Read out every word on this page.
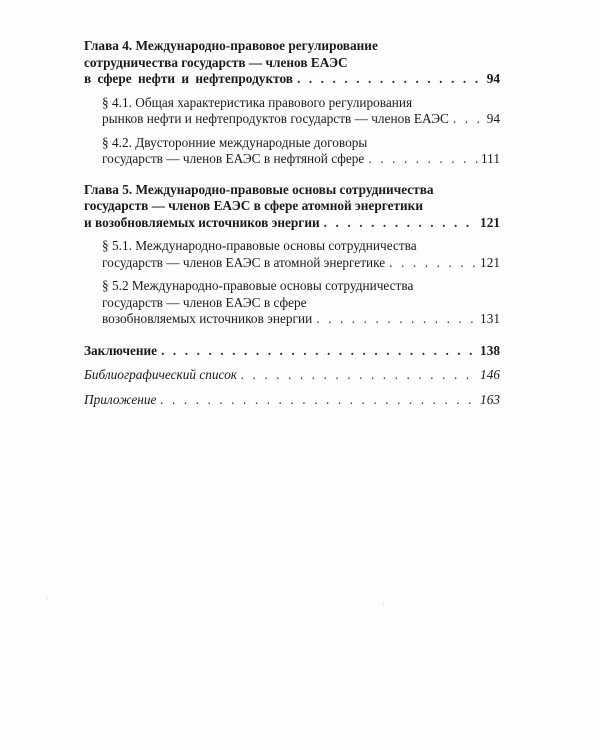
Глава 4. Международно-правовое регулирование
сотрудничества государств — членов ЕАЭС
в сфере нефти и нефтепродуктов . . .	94
§ 4.1. Общая характеристика правового регулирования
рынков нефти и нефтепродуктов государств — членов ЕАЭС . . .	94
§ 4.2. Двусторонние международные договоры
государств — членов ЕАЭС в нефтяной сфере . . .	111
Глава 5. Международно-правовые основы сотрудничества
государств — членов ЕАЭС в сфере атомной энергетики
и возобновляемых источников энергии . . .	121
§ 5.1. Международно-правовые основы сотрудничества
государств — членов ЕАЭС в атомной энергетике . . .	121
§ 5.2 Международно-правовые основы сотрудничества
государств — членов ЕАЭС в сфере
возобновляемых источников энергии . . .	131
Заключение . . .	138
Библиографический список . . .	146
Приложение . . .	163
